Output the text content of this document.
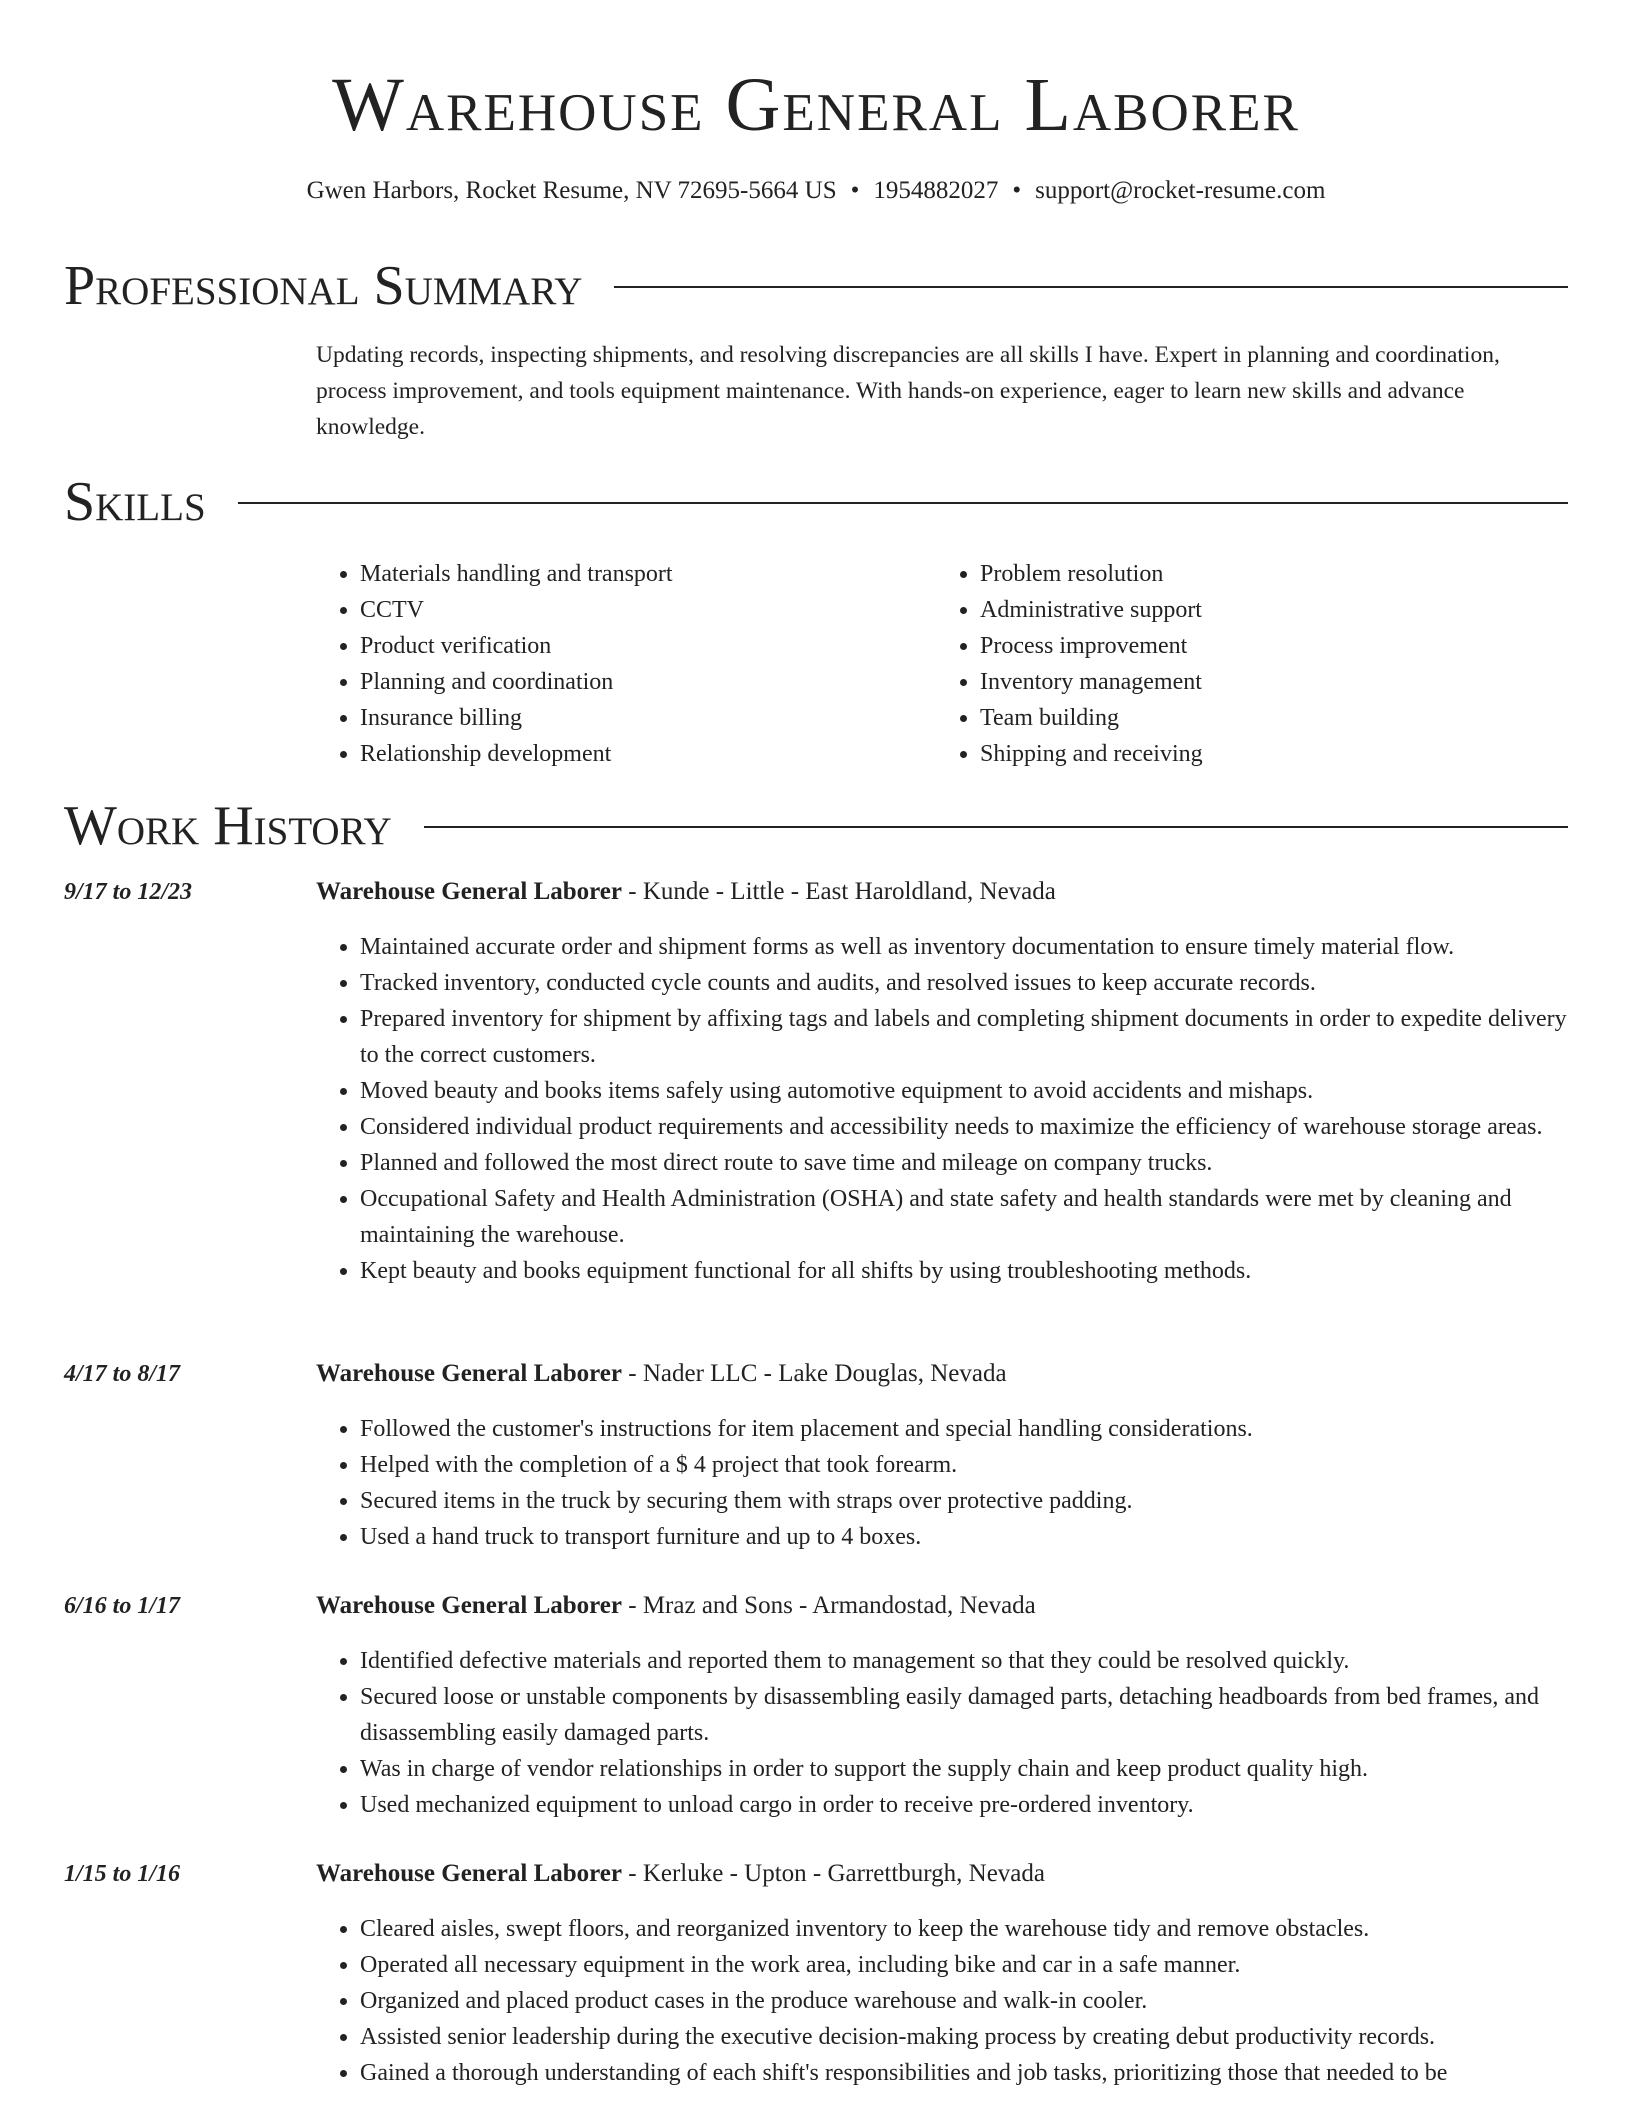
Warehouse General Laborer
Gwen Harbors, Rocket Resume, NV 72695-5664 US • 1954882027 • support@rocket-resume.com
Professional Summary

Updating records, inspecting shipments, and resolving discrepancies are all skills I have. Expert in planning and coordination, process improvement, and tools equipment maintenance. With hands-on experience, eager to learn new skills and advance knowledge.

Skills
• Materials handling and transport
• CCTV
• Product verification
• Planning and coordination
• Insurance billing
• Relationship development
• Problem resolution
• Administrative support
• Process improvement
• Inventory management
• Team building
• Shipping and receiving
Work History
9/17 to 12/23	Warehouse General Laborer - Kunde - Little - East Haroldland, Nevada
• Maintained accurate order and shipment forms as well as inventory documentation to ensure timely material flow.
• Tracked inventory, conducted cycle counts and audits, and resolved issues to keep accurate records.
• Prepared inventory for shipment by affixing tags and labels and completing shipment documents in order to expedite delivery to the correct customers.
• Moved beauty and books items safely using automotive equipment to avoid accidents and mishaps.
• Considered individual product requirements and accessibility needs to maximize the efficiency of warehouse storage areas.
• Planned and followed the most direct route to save time and mileage on company trucks.
• Occupational Safety and Health Administration (OSHA) and state safety and health standards were met by cleaning and maintaining the warehouse.
• Kept beauty and books equipment functional for all shifts by using troubleshooting methods.
4/17 to 8/17	Warehouse General Laborer - Nader LLC - Lake Douglas, Nevada
• Followed the customer's instructions for item placement and special handling considerations.
• Helped with the completion of a $ 4 project that took forearm.
• Secured items in the truck by securing them with straps over protective padding.
• Used a hand truck to transport furniture and up to 4 boxes.
6/16 to 1/17	Warehouse General Laborer - Mraz and Sons - Armandostad, Nevada
• Identified defective materials and reported them to management so that they could be resolved quickly.
• Secured loose or unstable components by disassembling easily damaged parts, detaching headboards from bed frames, and disassembling easily damaged parts.
• Was in charge of vendor relationships in order to support the supply chain and keep product quality high.
• Used mechanized equipment to unload cargo in order to receive pre-ordered inventory.
1/15 to 1/16	Warehouse General Laborer - Kerluke - Upton - Garrettburgh, Nevada
• Cleared aisles, swept floors, and reorganized inventory to keep the warehouse tidy and remove obstacles.
• Operated all necessary equipment in the work area, including bike and car in a safe manner.
• Organized and placed product cases in the produce warehouse and walk-in cooler.
• Assisted senior leadership during the executive decision-making process by creating debut productivity records.
• Gained a thorough understanding of each shift's responsibilities and job tasks, prioritizing those that needed to be
